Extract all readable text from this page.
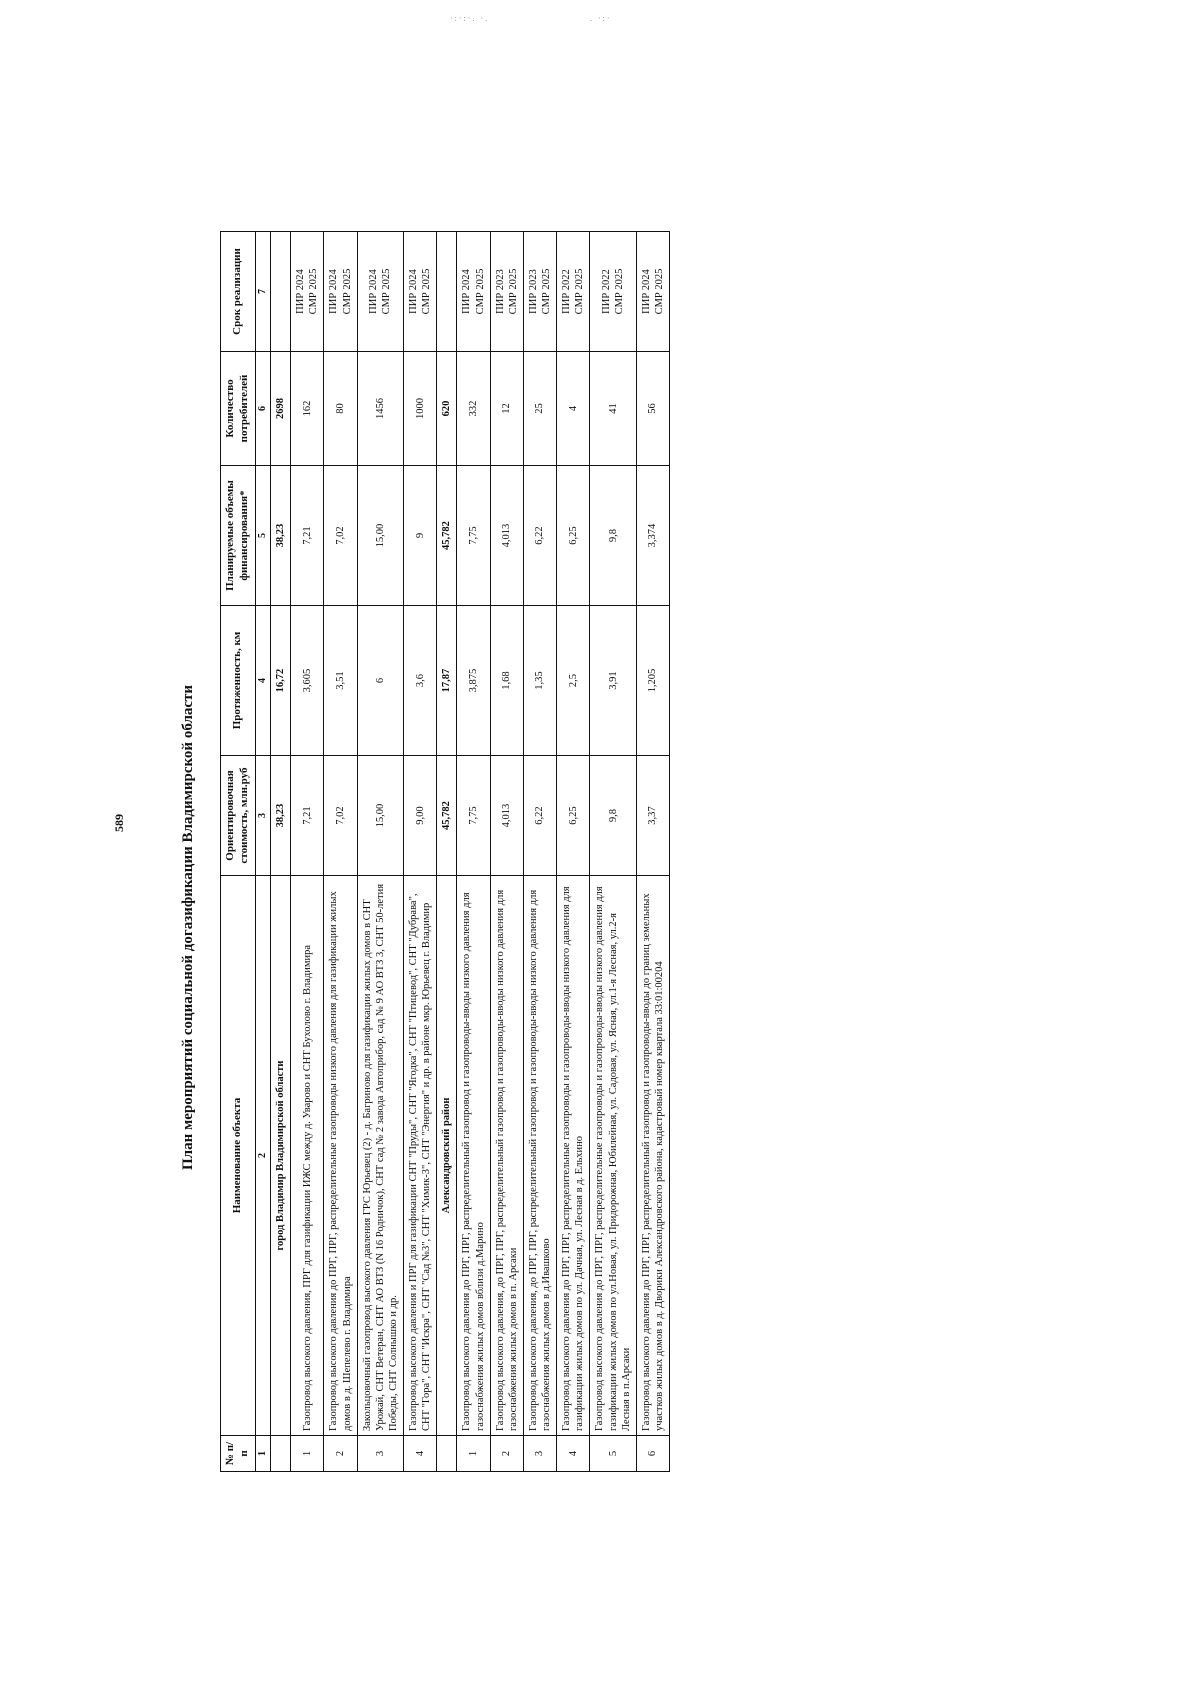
·:·:·. ·.	. ·:·
589	План мероприятий социальной догазификации Владимирской области
№ п/п	Наименование объекта	Ориентировочная стоимость, млн.руб	Протяженность, км	Планируемые объемы финансирования*	Количество потребителей	Срок реализации
1	2	3	4	5	6	7
	город Владимир Владимирской области	38,23	16,72	38,23	2698	
1	Газопровод высокого давления, ПРГ для газификации ИЖС между д. Уварово и СНТ Бухолово г. Владимира	7,21	3,605	7,21	162	ПИР 2024 СМР 2025

2	Газопровод высокого давления до ПРГ, ПРГ, распределительные газопроводы низкого давления для газификации жилых домов в д. Шепелево г. Владимира	7,02	3,51	7,02	80	ПИР 2024 СМР 2025

3	Закольцовочный газопровод высокого давления ГРС Юрьевец (2) - д. Багриново для газификации жилых домов в СНТ Урожай, СНТ Ветеран, СНТ АО ВТЗ (N 16 Родничок), СНТ сад № 2 завода Автоприбор, сад № 9 АО ВТЗ 3, СНТ 50-летия Победы, СНТ Солнышко и др.	15,00	6	15,00	1456	ПИР 2024 СМР 2025

4	Газопровод высокого давления и ПРГ для газификации СНТ "Пруды", СНТ "Ягодка", СНТ "Птицевод", СНТ "Дубрава", СНТ "Гора", СНТ "Искра", СНТ "Сад №3", СНТ "Химик-3", СНТ "Энергия" и др. в районе мкр. Юрьевец г. Владимир	9,00	3,6	9	1000	ПИР 2024 СМР 2025

	Александровский район	45,782	17,87	45,782	620	
1	Газопровод высокого давления до ПРГ, ПРГ, распределительный газопровод и газопроводы-вводы низкого давления для газоснабжения жилых домов вблизи д.Марино	7,75	3,875	7,75	332	ПИР 2024 СМР 2025

2	Газопровод высокого давления, до ПРГ, ПРГ, распределительный газопровод и газопроводы-вводы низкого давления для газоснабжения жилых домов в п. Арсаки	4,013	1,68	4,013	12	ПИР 2023 СМР 2025

3	Газопровод высокого давления, до ПРГ, ПРГ, распределительный газопровод и газопроводы-вводы низкого давления для газоснабжения жилых домов в д.Ивашково	6,22	1,35	6,22	25	ПИР 2023 СМР 2025

4	Газопровод высокого давления до ПРГ, ПРГ, распределительные газопроводы и газопроводы-вводы низкого давления для газификации жилых домов по ул. Дачная, ул. Лесная в д. Ельхино	6,25	2,5	6,25	4	ПИР 2022 СМР 2025

5	Газопровод высокого давления до ПРГ, ПРГ, распределительные газопроводы и газопроводы-вводы низкого давления для газификации жилых домов по ул.Новая, ул. Придорожная, Юбилейная, ул. Садовая, ул. Ясная, ул.1-я Лесная, ул.2-я Лесная в п.Арсаки	9,8	3,91	9,8	41	ПИР 2022 СМР 2025

6	Газопровод высокого давления до ПРГ, ПРГ, распределительный газопровод и газопроводы-вводы до границ земельных участков жилых домов в д. Дворики Александровского района, кадастровый номер квартала 33:01:00204	3,37	1,205	3,374	56	ПИР 2024 СМР 2025
